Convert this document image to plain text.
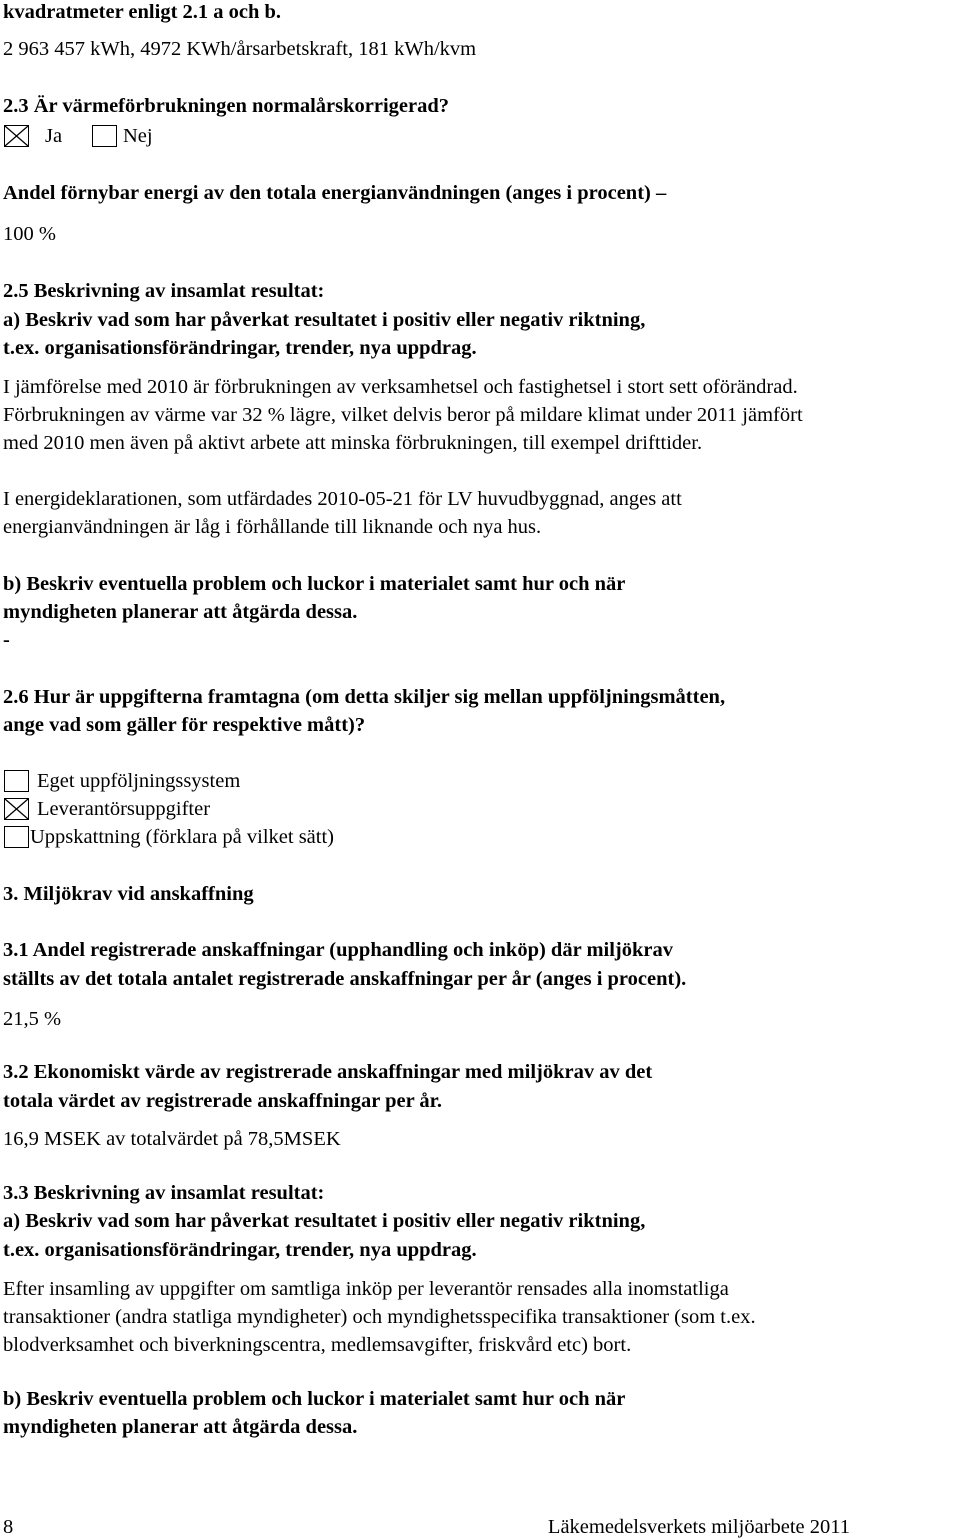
kvadratmeter enligt 2.1 a och b.
2 963 457 kWh, 4972 KWh/årsarbetskraft, 181 kWh/kvm
2.3 Är värmeförbrukningen normalårskorrigerad?
Ja	Nej
Andel förnybar energi av den totala energianvändningen (anges i procent) –
100 %
2.5 Beskrivning av insamlat resultat:
a) Beskriv vad som har påverkat resultatet i positiv eller negativ riktning,
t.ex. organisationsförändringar, trender, nya uppdrag.
I jämförelse med 2010 är förbrukningen av verksamhetsel och fastighetsel i stort sett oförändrad.
Förbrukningen av värme var 32 % lägre, vilket delvis beror på mildare klimat under 2011 jämfört
med 2010 men även på aktivt arbete att minska förbrukningen, till exempel drifttider.
I energideklarationen, som utfärdades 2010-05-21 för LV huvudbyggnad, anges att
energianvändningen är låg i förhållande till liknande och nya hus.
b) Beskriv eventuella problem och luckor i materialet samt hur och när
myndigheten planerar att åtgärda dessa.
-
2.6 Hur är uppgifterna framtagna (om detta skiljer sig mellan uppföljningsmåtten,
ange vad som gäller för respektive mått)?
Eget uppföljningssystem
Leverantörsuppgifter
Uppskattning (förklara på vilket sätt)
3. Miljökrav vid anskaffning
3.1 Andel registrerade anskaffningar (upphandling och inköp) där miljökrav
ställts av det totala antalet registrerade anskaffningar per år (anges i procent).
21,5 %
3.2 Ekonomiskt värde av registrerade anskaffningar med miljökrav av det
totala värdet av registrerade anskaffningar per år.
16,9 MSEK av totalvärdet på 78,5MSEK
3.3 Beskrivning av insamlat resultat:
a) Beskriv vad som har påverkat resultatet i positiv eller negativ riktning,
t.ex. organisationsförändringar, trender, nya uppdrag.
Efter insamling av uppgifter om samtliga inköp per leverantör rensades alla inomstatliga
transaktioner (andra statliga myndigheter) och myndighetsspecifika transaktioner (som t.ex.
blodverksamhet och biverkningscentra, medlemsavgifter, friskvård etc) bort.
b) Beskriv eventuella problem och luckor i materialet samt hur och när
myndigheten planerar att åtgärda dessa.
8	Läkemedelsverkets miljöarbete 2011
